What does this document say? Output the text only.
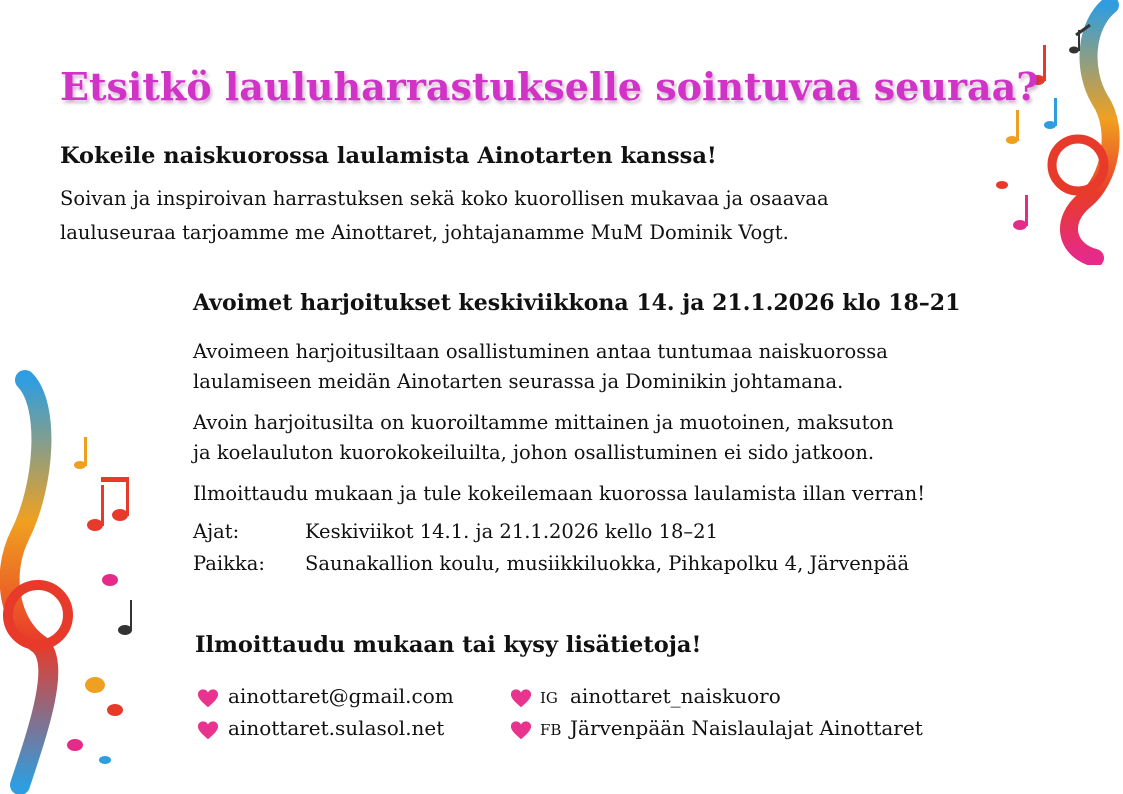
Etsitkö lauluharrastukselle sointuvaa seuraa?
Kokeile naiskuorossa laulamista Ainotarten kanssa!
Soivan ja inspiroivan harrastuksen sekä koko kuorollisen mukavaa ja osaavaa
lauluseuraa tarjoamme me Ainottaret, johtajanamme MuM Dominik Vogt.
Avoimet harjoitukset keskiviikkona 14. ja 21.1.2026 klo 18–21
Avoimeen harjoitusiltaan osallistuminen antaa tuntumaa naiskuorossa
laulamiseen meidän Ainotarten seurassa ja Dominikin johtamana.
Avoin harjoitusilta on kuoroiltamme mittainen ja muotoinen, maksuton
ja koelauluton kuorokokeiluilta, johon osallistuminen ei sido jatkoon.
Ilmoittaudu mukaan ja tule kokeilemaan kuorossa laulamista illan verran!
Ajat:	Keskiviikot 14.1. ja 21.1.2026 kello 18–21
Paikka: Saunakallion koulu, musiikkiluokka, Pihkapolku 4, Järvenpää
Ilmoittaudu mukaan tai kysy lisätietoja!
ainottaret@gmail.com	IG ainottaret_naiskuoro
ainottaret.sulasol.net	FB Järvenpään Naislaulajat Ainottaret
